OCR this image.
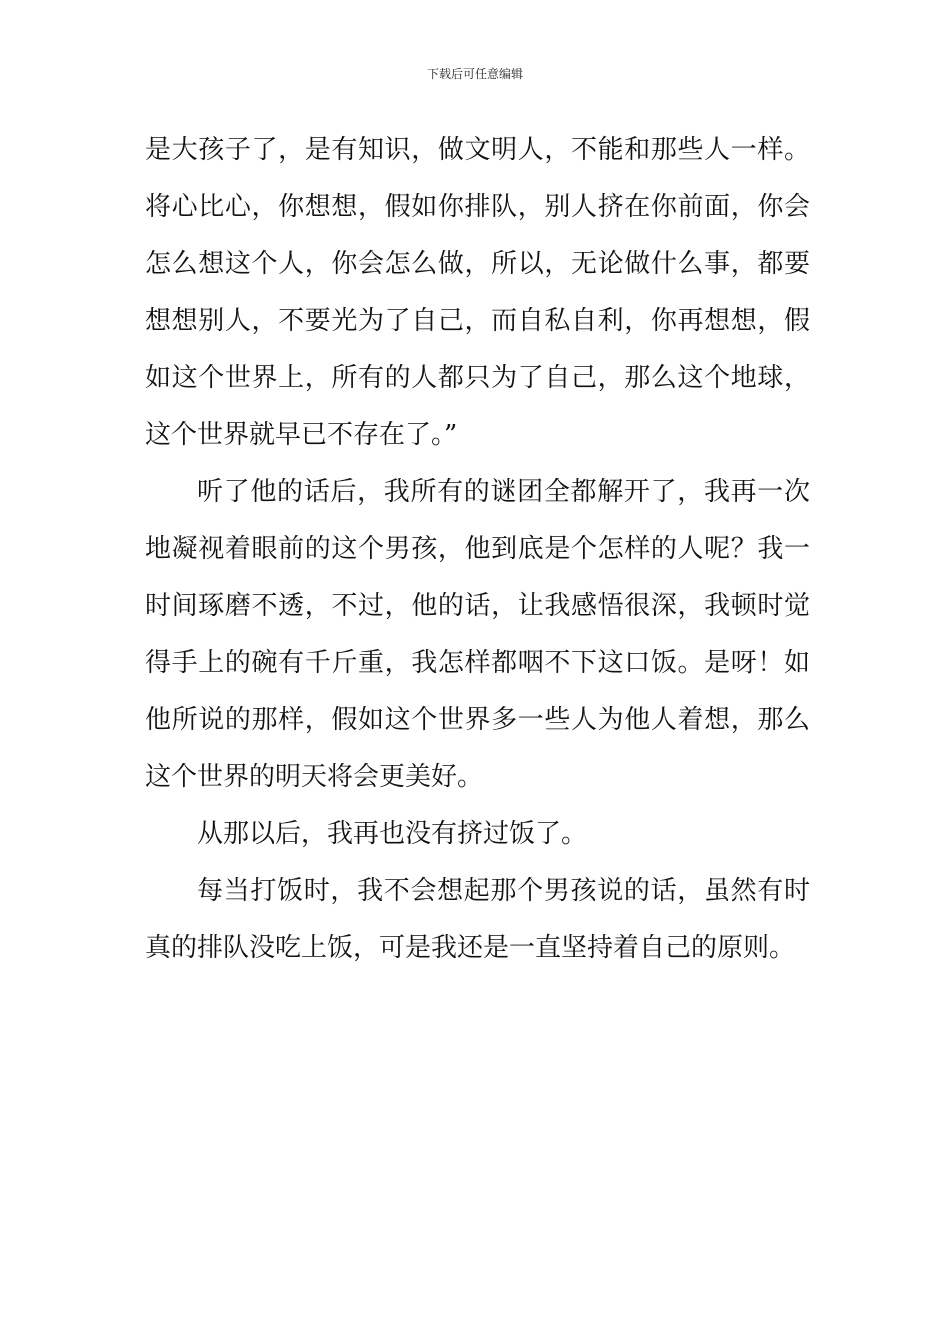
下载后可任意编辑
是大孩子了，是有知识，做文明人，不能和那些人一样。
将心比心，你想想，假如你排队，别人挤在你前面，你会
怎么想这个人，你会怎么做，所以，无论做什么事，都要
想想别人，不要光为了自己，而自私自利，你再想想，假
如这个世界上，所有的人都只为了自己，那么这个地球，
这个世界就早已不存在了。”
听了他的话后，我所有的谜团全都解开了，我再一次
地凝视着眼前的这个男孩，他到底是个怎样的人呢？我一
时间琢磨不透，不过，他的话，让我感悟很深，我顿时觉
得手上的碗有千斤重，我怎样都咽不下这口饭。是呀！如
他所说的那样，假如这个世界多一些人为他人着想，那么
这个世界的明天将会更美好。
从那以后，我再也没有挤过饭了。
每当打饭时，我不会想起那个男孩说的话，虽然有时
真的排队没吃上饭，可是我还是一直坚持着自己的原则。
